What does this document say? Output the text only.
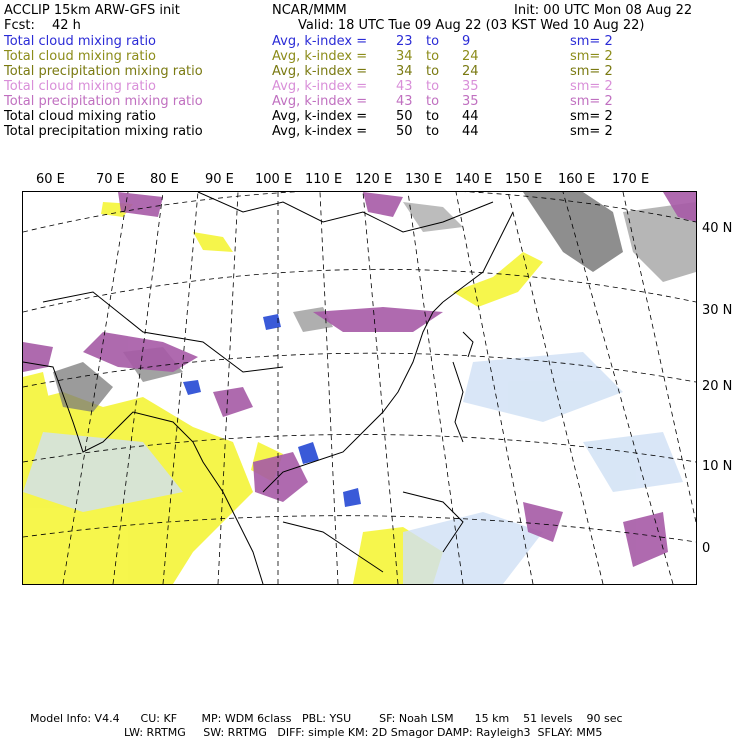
ACCLIP 15km ARW-GFS init	NCAR/MMM	Init: 00 UTC Mon 08 Aug 22
Fcst: 42 h	Valid: 18 UTC Tue 09 Aug 22 (03 KST Wed 10 Aug 22)
Total cloud mixing ratio	Avg, k-index = 23 to 9	sm= 2
Total cloud mixing ratio	Avg, k-index = 34 to 24	sm= 2
Total precipitation mixing ratio	Avg, k-index = 34 to 24	sm= 2
Total cloud mixing ratio	Avg, k-index = 43 to 35	sm= 2
Total precipitation mixing ratio	Avg, k-index = 43 to 35	sm= 2
Total cloud mixing ratio	Avg, k-index = 50 to 44	sm= 2
Total precipitation mixing ratio	Avg, k-index = 50 to 44	sm= 2
60 E 70 E 80 E 90 E 100 E 110 E 120 E 130 E 140 E 150 E 160 E 170 E
40 N
30 N
20 N
10 N
0
Model Info: V4.4      CU: KF       MP: WDM 6class   PBL: YSU        SF: Noah LSM      15 km    51 levels    90 sec
LW: RRTMG     SW: RRTMG   DIFF: simple KM: 2D Smagor DAMP: Rayleigh3  SFLAY: MM5
